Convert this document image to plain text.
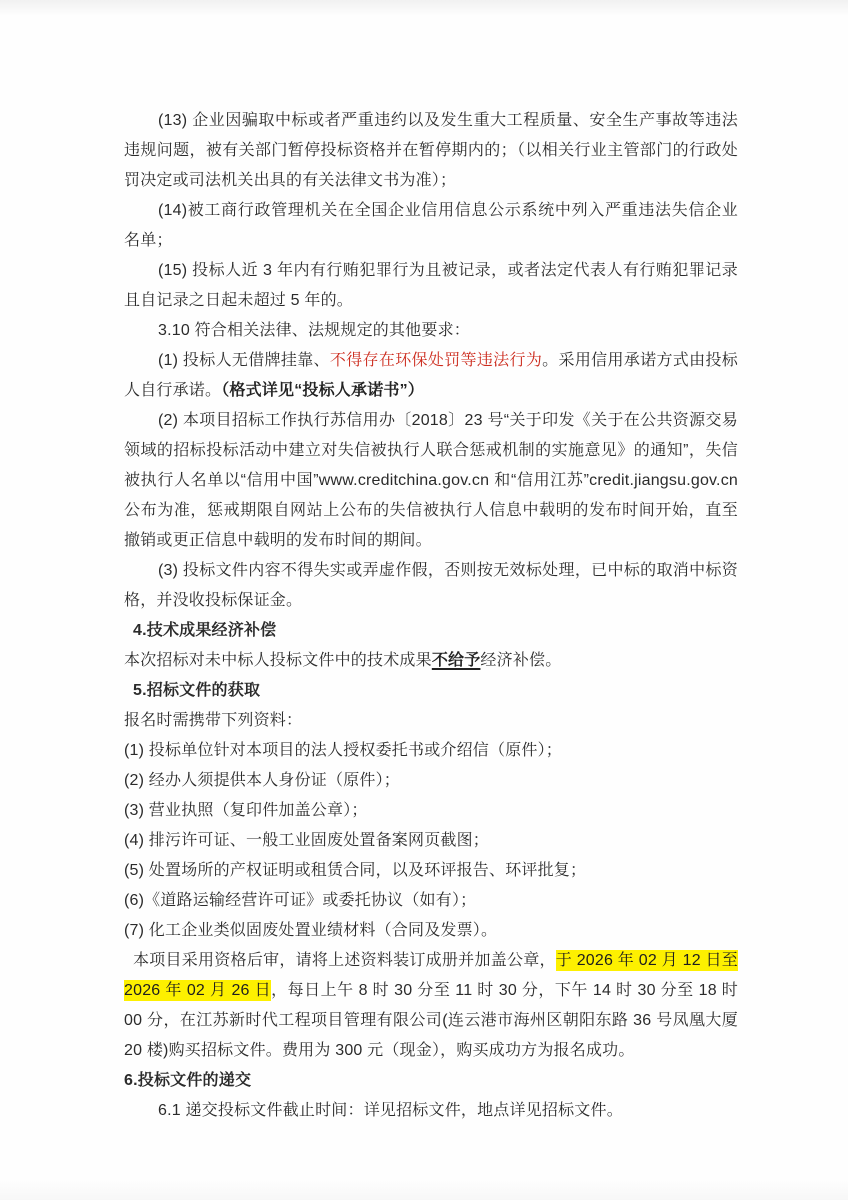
(13) 企业因骗取中标或者严重违约以及发生重大工程质量、安全生产事故等违法违规问题，被有关部门暂停投标资格并在暂停期内的；（以相关行业主管部门的行政处罚决定或司法机关出具的有关法律文书为准）；

(14)被工商行政管理机关在全国企业信用信息公示系统中列入严重违法失信企业名单；

(15) 投标人近 3 年内有行贿犯罪行为且被记录，或者法定代表人有行贿犯罪记录且自记录之日起未超过 5 年的。

3.10 符合相关法律、法规规定的其他要求：

(1) 投标人无借牌挂靠、不得存在环保处罚等违法行为。采用信用承诺方式由投标人自行承诺。（格式详见“投标人承诺书”）

(2) 本项目招标工作执行苏信用办〔2018〕23 号“关于印发《关于在公共资源交易领域的招标投标活动中建立对失信被执行人联合惩戒机制的实施意见》的通知”，失信被执行人名单以“信用中国”www.creditchina.gov.cn 和“信用江苏”credit.jiangsu.gov.cn 公布为准，惩戒期限自网站上公布的失信被执行人信息中载明的发布时间开始，直至撤销或更正信息中载明的发布时间的期间。

(3) 投标文件内容不得失实或弄虚作假，否则按无效标处理，已中标的取消中标资格，并没收投标保证金。

4.技术成果经济补偿

本次招标对未中标人投标文件中的技术成果不给予经济补偿。

5.招标文件的获取

报名时需携带下列资料：

(1) 投标单位针对本项目的法人授权委托书或介绍信（原件）；

(2) 经办人须提供本人身份证（原件）；

(3) 营业执照（复印件加盖公章）；

(4) 排污许可证、一般工业固废处置备案网页截图；

(5) 处置场所的产权证明或租赁合同，以及环评报告、环评批复；

(6)《道路运输经营许可证》或委托协议（如有）；

(7) 化工企业类似固废处置业绩材料（合同及发票）。

本项目采用资格后审，请将上述资料装订成册并加盖公章，于 2026 年 02 月 12 日至 2026 年 02 月 26 日，每日上午 8 时 30 分至 11 时 30 分，下午 14 时 30 分至 18 时 00 分，在江苏新时代工程项目管理有限公司(连云港市海州区朝阳东路 36 号凤凰大厦 20 楼)购买招标文件。费用为 300 元（现金），购买成功方为报名成功。

6.投标文件的递交

6.1 递交投标文件截止时间：详见招标文件，地点详见招标文件。
